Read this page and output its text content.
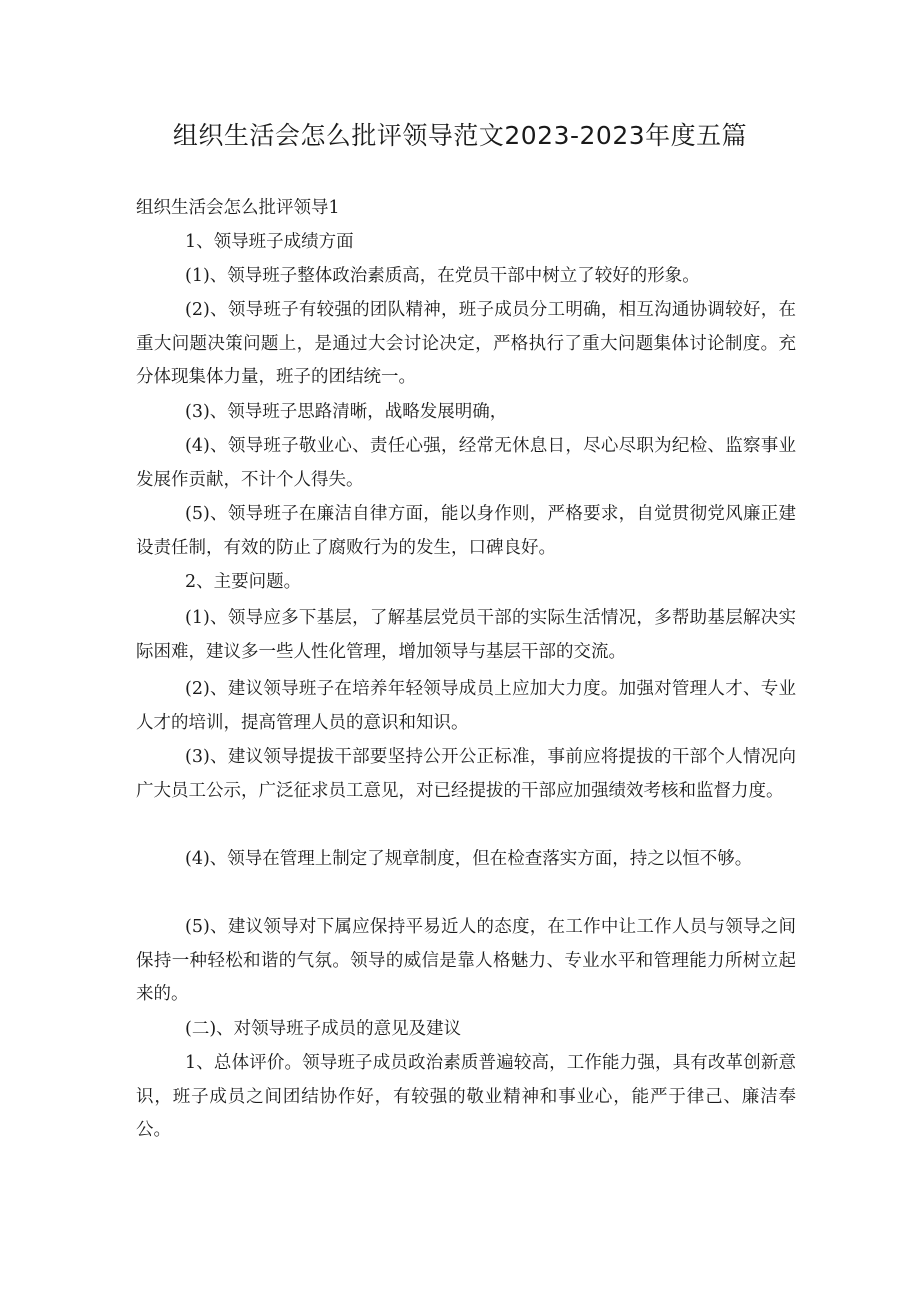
组织生活会怎么批评领导范文2023-2023年度五篇
组织生活会怎么批评领导1
1、领导班子成绩方面
(1)、领导班子整体政治素质高，在党员干部中树立了较好的形象。
(2)、领导班子有较强的团队精神，班子成员分工明确，相互沟通协调较好，在重大问题决策问题上，是通过大会讨论决定，严格执行了重大问题集体讨论制度。充分体现集体力量，班子的团结统一。
(3)、领导班子思路清晰，战略发展明确，
(4)、领导班子敬业心、责任心强，经常无休息日，尽心尽职为纪检、监察事业发展作贡献，不计个人得失。
(5)、领导班子在廉洁自律方面，能以身作则，严格要求，自觉贯彻党风廉正建设责任制，有效的防止了腐败行为的发生，口碑良好。
2、主要问题。
(1)、领导应多下基层，了解基层党员干部的实际生活情况，多帮助基层解决实际困难，建议多一些人性化管理，增加领导与基层干部的交流。
(2)、建议领导班子在培养年轻领导成员上应加大力度。加强对管理人才、专业人才的培训，提高管理人员的意识和知识。
(3)、建议领导提拔干部要坚持公开公正标准，事前应将提拔的干部个人情况向广大员工公示，广泛征求员工意见，对已经提拔的干部应加强绩效考核和监督力度。
(4)、领导在管理上制定了规章制度，但在检查落实方面，持之以恒不够。
(5)、建议领导对下属应保持平易近人的态度，在工作中让工作人员与领导之间保持一种轻松和谐的气氛。领导的威信是靠人格魅力、专业水平和管理能力所树立起来的。
(二)、对领导班子成员的意见及建议
1、总体评价。领导班子成员政治素质普遍较高，工作能力强，具有改革创新意识，班子成员之间团结协作好，有较强的敬业精神和事业心，能严于律己、廉洁奉公。
